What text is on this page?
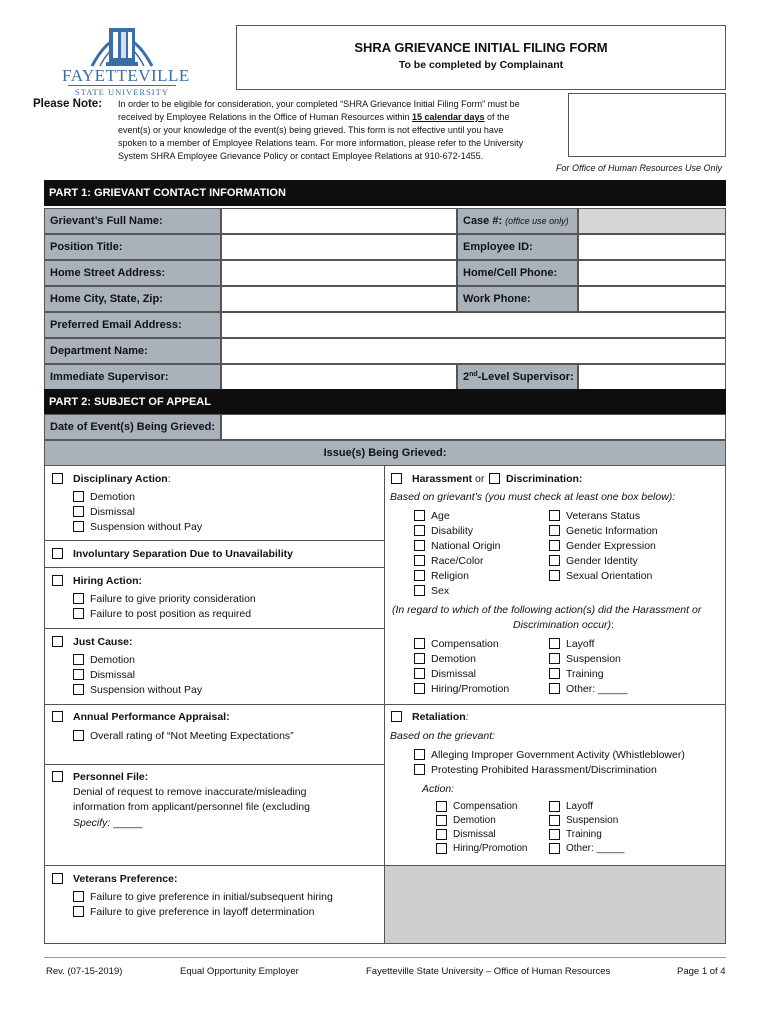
FAYETTEVILLE
STATE UNIVERSITY
SHRA GRIEVANCE INITIAL FILING FORM
To be completed by Complainant
Please Note: In order to be eligible for consideration, your completed “SHRA Grievance Initial Filing Form” must be
received by Employee Relations in the Office of Human Resources within 15 calendar days of the
event(s) or your knowledge of the event(s) being grieved. This form is not effective until you have
spoken to a member of Employee Relations team. For more information, please refer to the University
System SHRA Employee Grievance Policy or contact Employee Relations at 910-672-1455.
For Office of Human Resources Use Only
PART 1: GRIEVANT CONTACT INFORMATION
Grievant’s Full Name:	Case #: (office use only)
Position Title:	Employee ID:
Home Street Address:	Home/Cell Phone:
Home City, State, Zip:	Work Phone:
Preferred Email Address:
Department Name:
Immediate Supervisor:	2nd -Level Supervisor:
PART 2: SUBJECT OF APPEAL
Date of Event(s) Being Grieved:
Issue(s) Being Grieved:
Disciplinary Action:
Demotion
Dismissal
Suspension without Pay
Involuntary Separation Due to Unavailability
Hiring Action:
Failure to give priority consideration
Failure to post position as required
Just Cause:
Demotion
Dismissal
Suspension without Pay
Annual Performance Appraisal:
Overall rating of “Not Meeting Expectations”
Personnel File:
Denial of request to remove inaccurate/misleading
information from applicant/personnel file (excluding
Specify: _____
Veterans Preference:
Failure to give preference in initial/subsequent hiring
Failure to give preference in layoff determination
Harassment or Discrimination:
Based on grievant’s (you must check at least one box below):
Age
Disability
National Origin
Race/Color
Religion
Sex
Veterans Status
Genetic Information
Gender Expression
Gender Identity
Sexual Orientation
(In regard to which of the following action(s) did the Harassment or
Discrimination occur):
Compensation
Demotion
Dismissal
Hiring/Promotion
Layoff
Suspension
Training
Other: _____
Retaliation:
Based on the grievant:
Alleging Improper Government Activity (Whistleblower)
Protesting Prohibited Harassment/Discrimination
Action:
Compensation
Demotion
Dismissal
Hiring/Promotion
Layoff
Suspension
Training
Other: _____
Rev. (07-15-2019)	Equal Opportunity Employer	Fayetteville State University – Office of Human Resources	Page 1 of 4
